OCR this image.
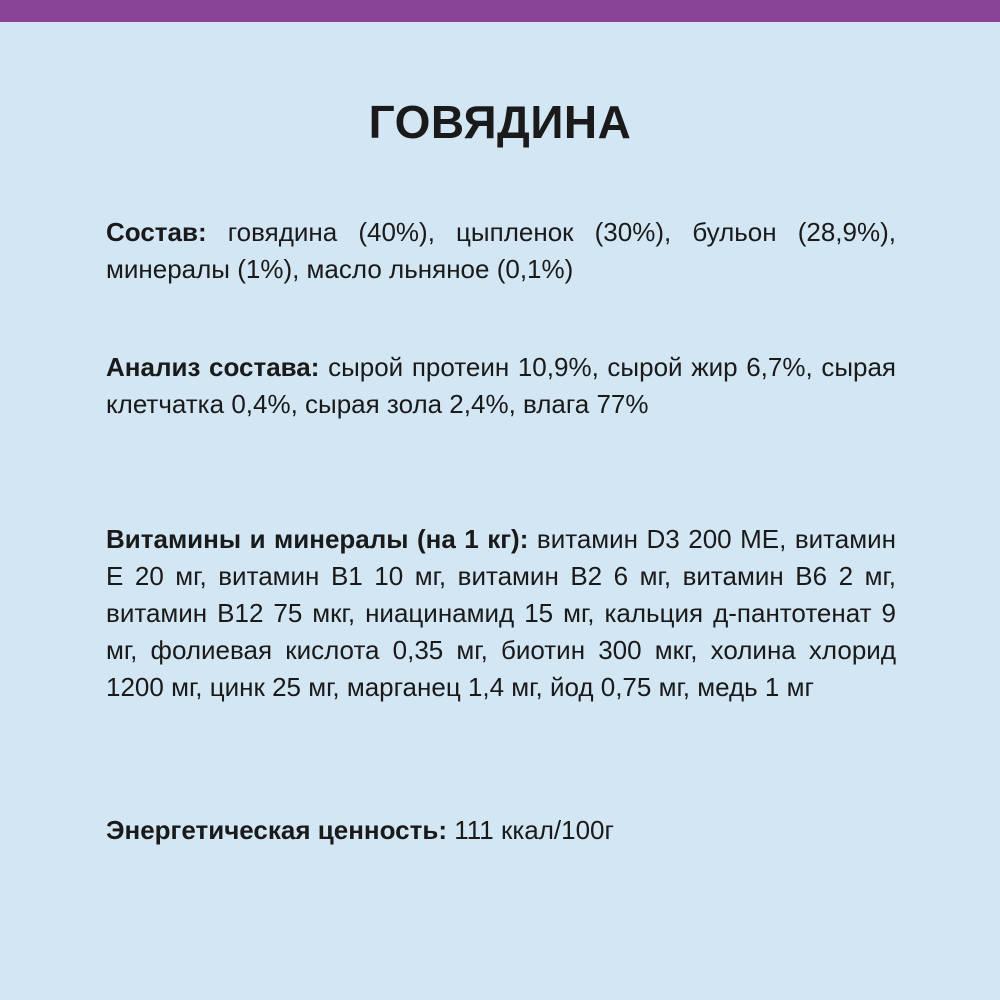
ГОВЯДИНА

Состав: говядина (40%), цыпленок (30%), бульон (28,9%), минералы (1%), масло льняное (0,1%)

Анализ состава: сырой протеин 10,9%, сырой жир 6,7%, сырая клетчатка 0,4%, сырая зола 2,4%, влага 77%

Витамины и минералы (на 1 кг): витамин D3 200 МЕ, витамин Е 20 мг, витамин В1 10 мг, витамин В2 6 мг, витамин В6 2 мг, витамин В12 75 мкг, ниацинамид 15 мг, кальция д-пантотенат 9 мг, фолиевая кислота 0,35 мг, биотин 300 мкг, холина хлорид 1200 мг, цинк 25 мг, марганец 1,4 мг, йод 0,75 мг, медь 1 мг

Энергетическая ценность: 111 ккал/100г
